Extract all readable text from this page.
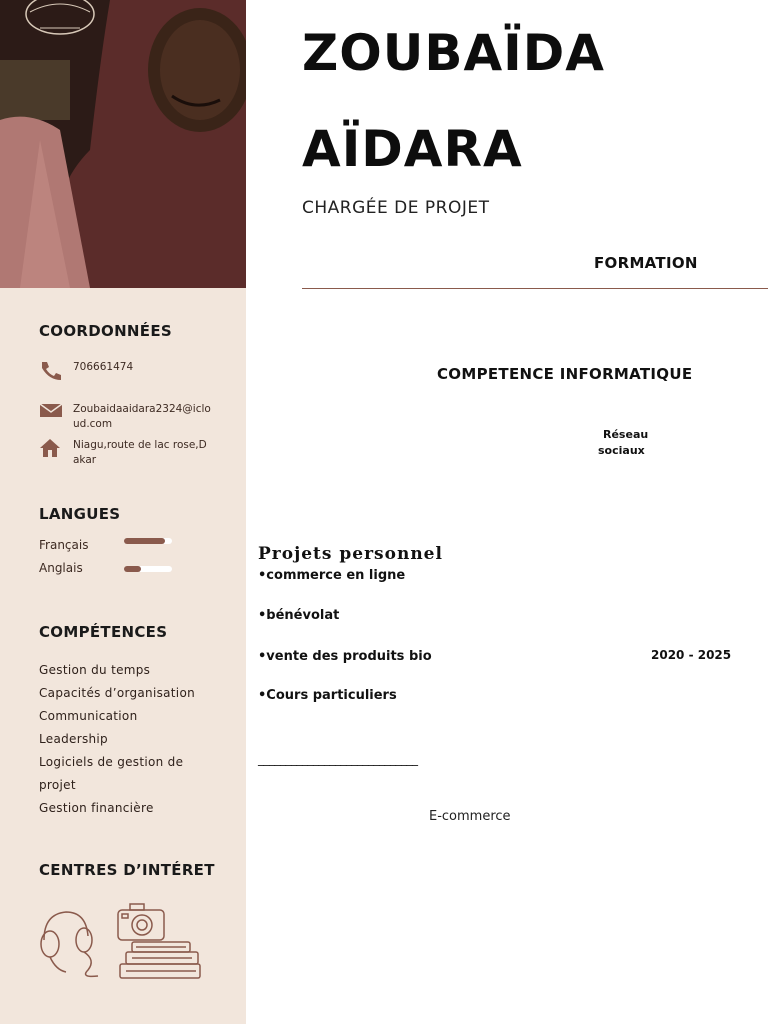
COORDONNÉES
706661474
Zoubaidaaidara2324@icloud.com
Niagu,route de lac rose,Dakar
LANGUES
Français
Anglais
COMPÉTENCES
Gestion du temps
Capacités d’organisation
Communication
Leadership
Logiciels de gestion de projet
Gestion financière
CENTRES D’INTÉRET
ZOUBAÏDA
AÏDARA
CHARGÉE DE PROJET
FORMATION
COMPETENCE INFORMATIQUE
Réseau
sociaux
Projets personnel
•commerce en ligne
•bénévolat
•vente des produits bio
•Cours particuliers
2020 - 2025
_____________________________
E-commerce
